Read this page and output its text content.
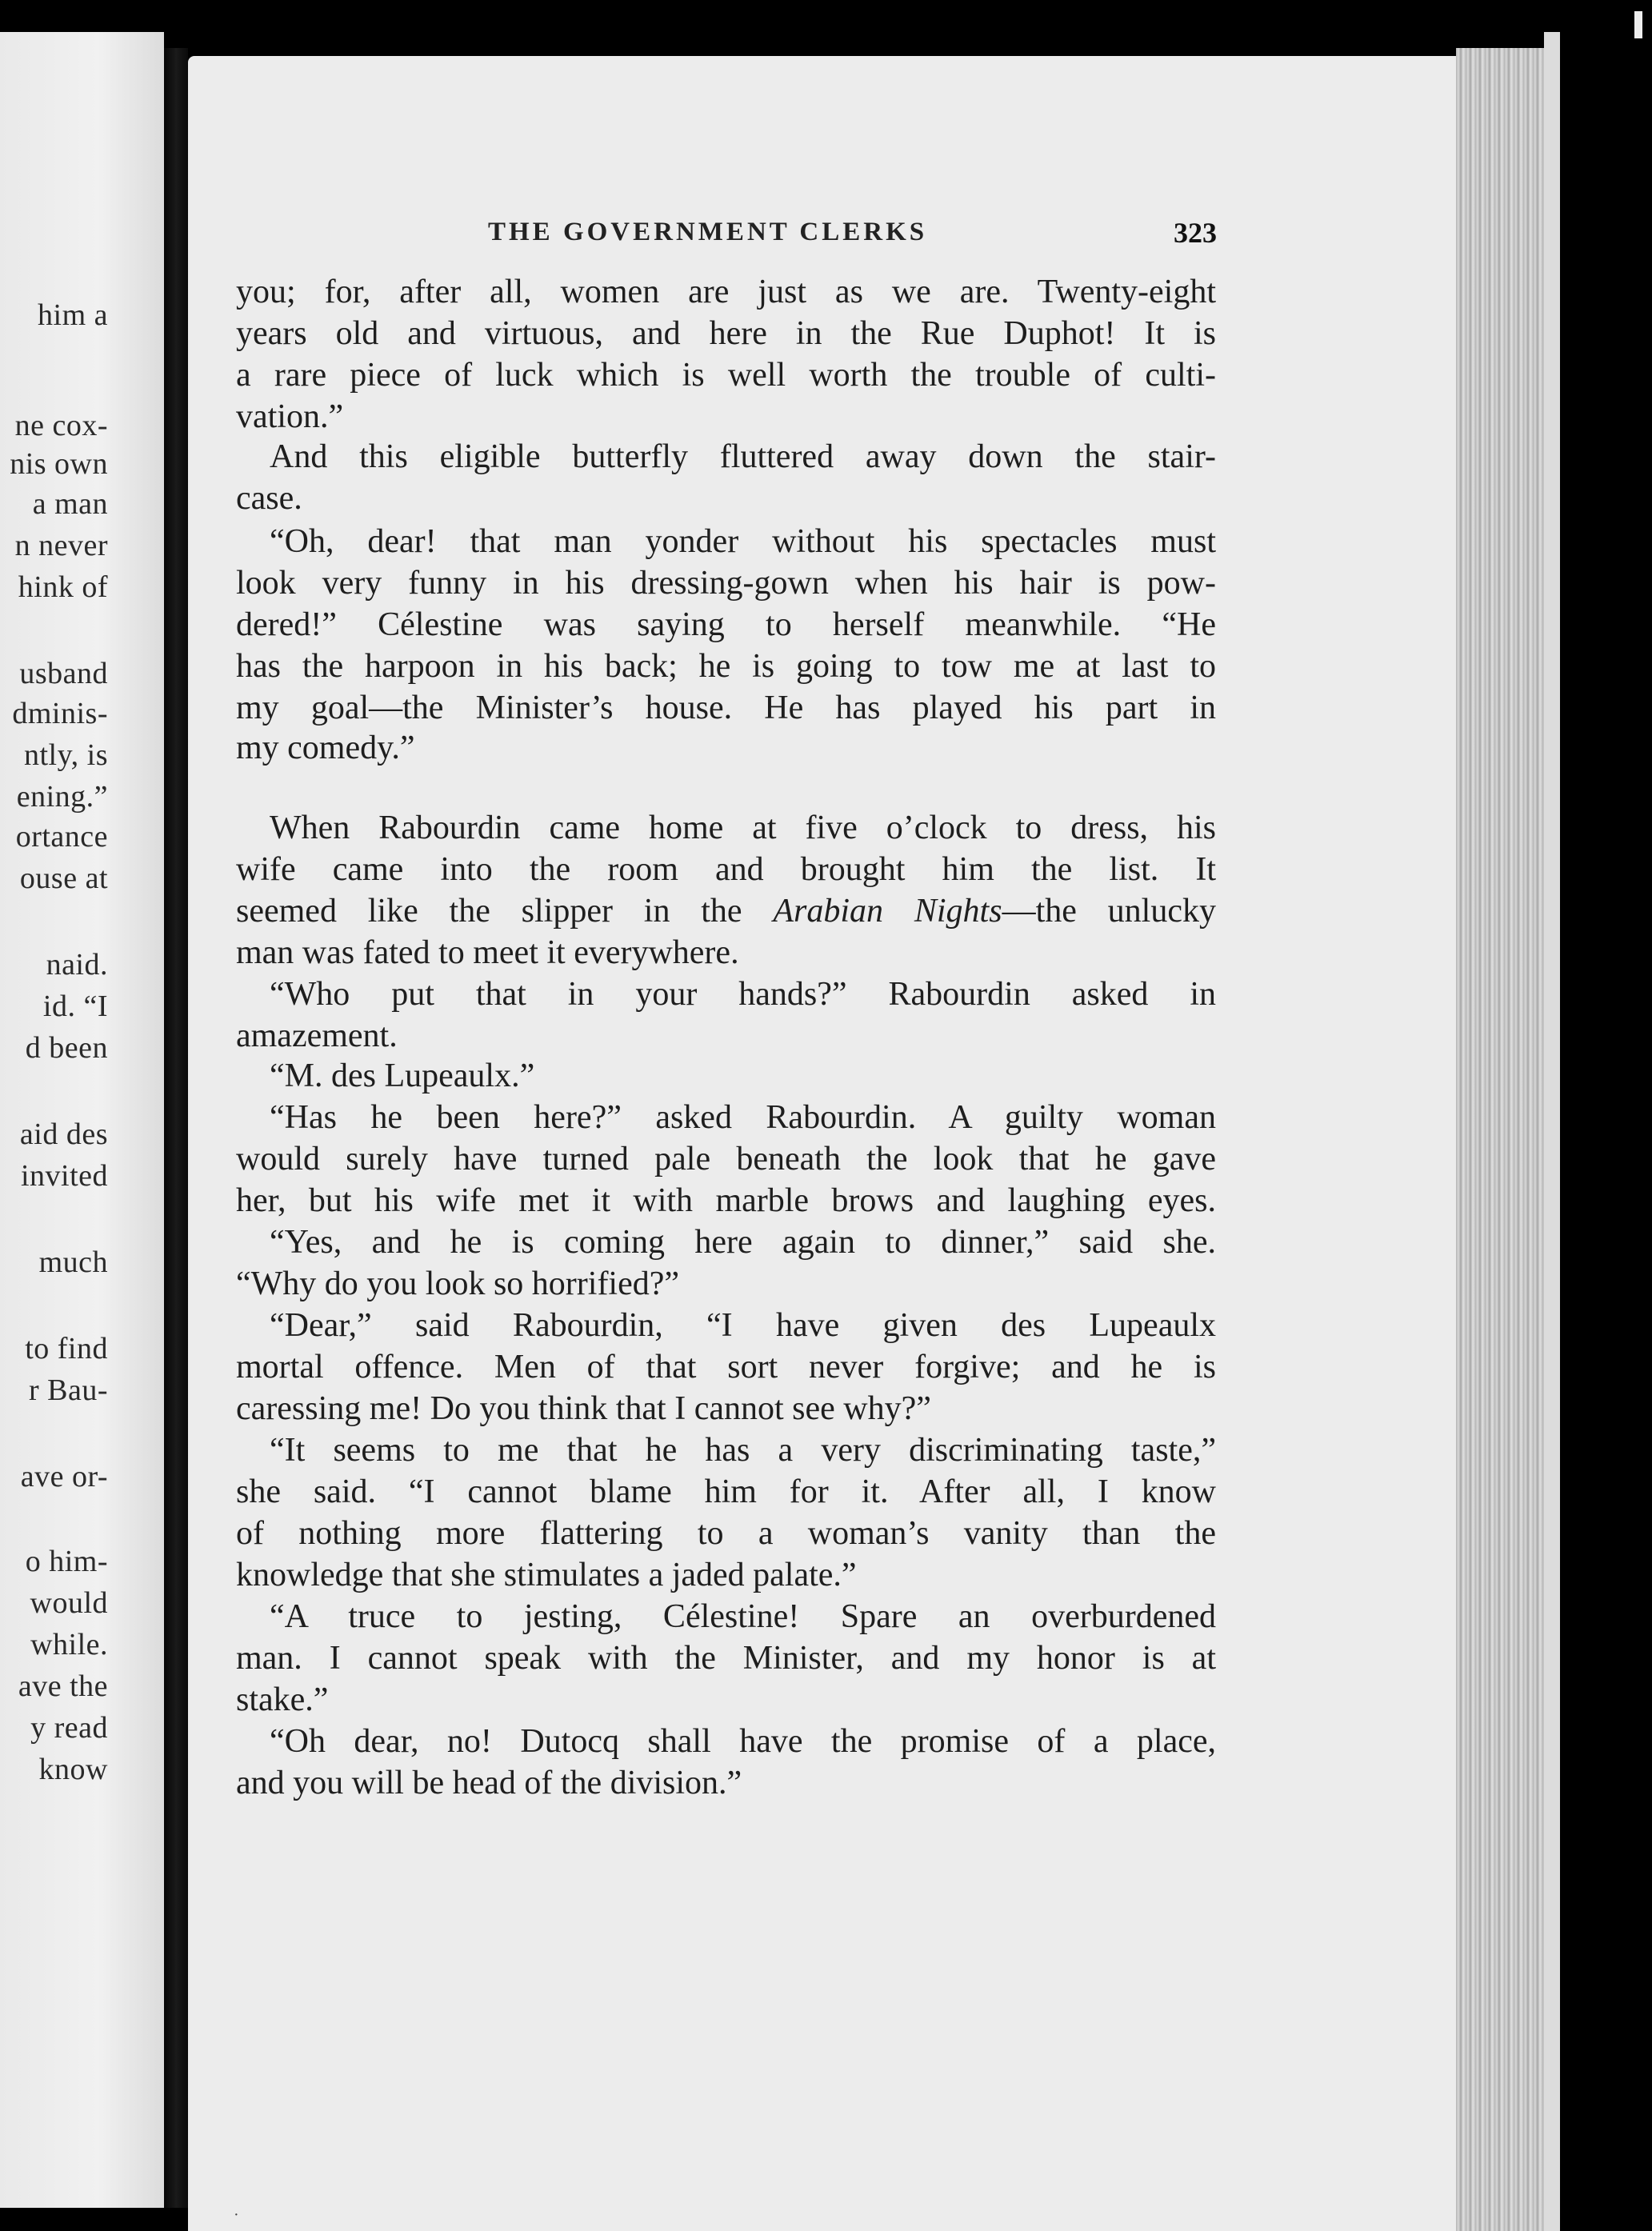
him a
ne cox-
nis own
a man
n never
hink of
usband
dminis-
ntly, is
ening.”
ortance
ouse at
naid.
id. “I
d been
aid des
invited
much
to find
r Bau-
ave or-
o him-
would
while.
ave the
y read
know
THE GOVERNMENT CLERKS	323
you; for, after all, women are just as we are. Twenty-eight
years old and virtuous, and here in the Rue Duphot! It is
a rare piece of luck which is well worth the trouble of culti-
vation.”
And this eligible butterfly fluttered away down the stair-
case.
“Oh, dear! that man yonder without his spectacles must
look very funny in his dressing-gown when his hair is pow-
dered!” Célestine was saying to herself meanwhile. “He
has the harpoon in his back; he is going to tow me at last to
my goal—the Minister’s house. He has played his part in
my comedy.”
When Rabourdin came home at five o’clock to dress, his
wife came into the room and brought him the list. It
seemed like the slipper in the Arabian Nights—the unlucky
man was fated to meet it everywhere.
“Who put that in your hands?” Rabourdin asked in
amazement.
“M. des Lupeaulx.”
“Has he been here?” asked Rabourdin. A guilty woman
would surely have turned pale beneath the look that he gave
her, but his wife met it with marble brows and laughing eyes.
“Yes, and he is coming here again to dinner,” said she.
“Why do you look so horrified?”
“Dear,” said Rabourdin, “I have given des Lupeaulx
mortal offence. Men of that sort never forgive; and he is
caressing me! Do you think that I cannot see why?”
“It seems to me that he has a very discriminating taste,”
she said. “I cannot blame him for it. After all, I know
of nothing more flattering to a woman’s vanity than the
knowledge that she stimulates a jaded palate.”
“A truce to jesting, Célestine! Spare an overburdened
man. I cannot speak with the Minister, and my honor is at
stake.”
“Oh dear, no! Dutocq shall have the promise of a place,
and you will be head of the division.”
·
